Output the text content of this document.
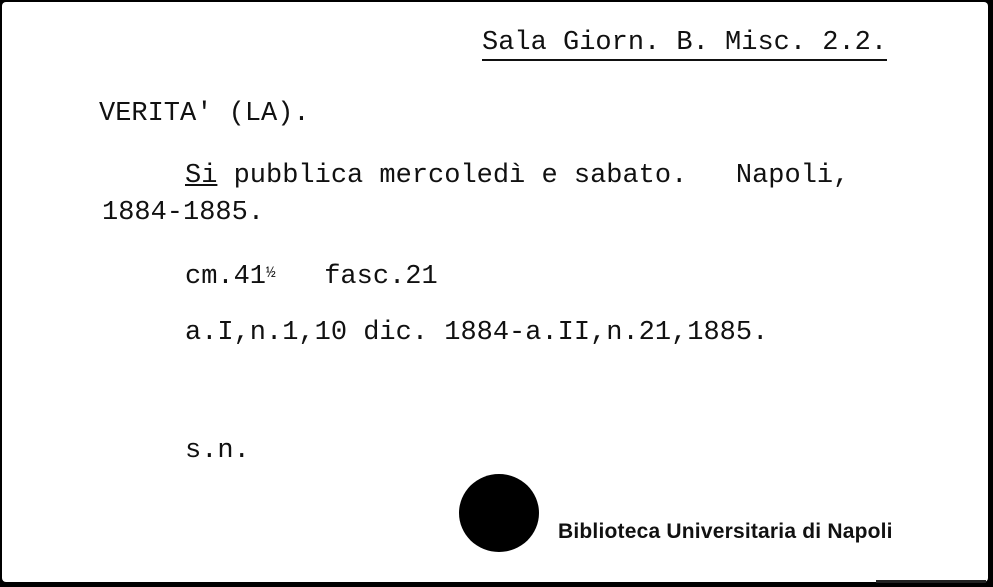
Sala Giorn. B. Misc. 2.2.
VERITA' (LA).
Si pubblica mercoledì e sabato.   Napoli,
1884-1885.
$cm.41^{\frac{1}{2}}$   fasc.21
a.I,n.1,10 dic. 1884-a.II,n.21,1885.
s.n.
Biblioteca Universitaria di Napoli
